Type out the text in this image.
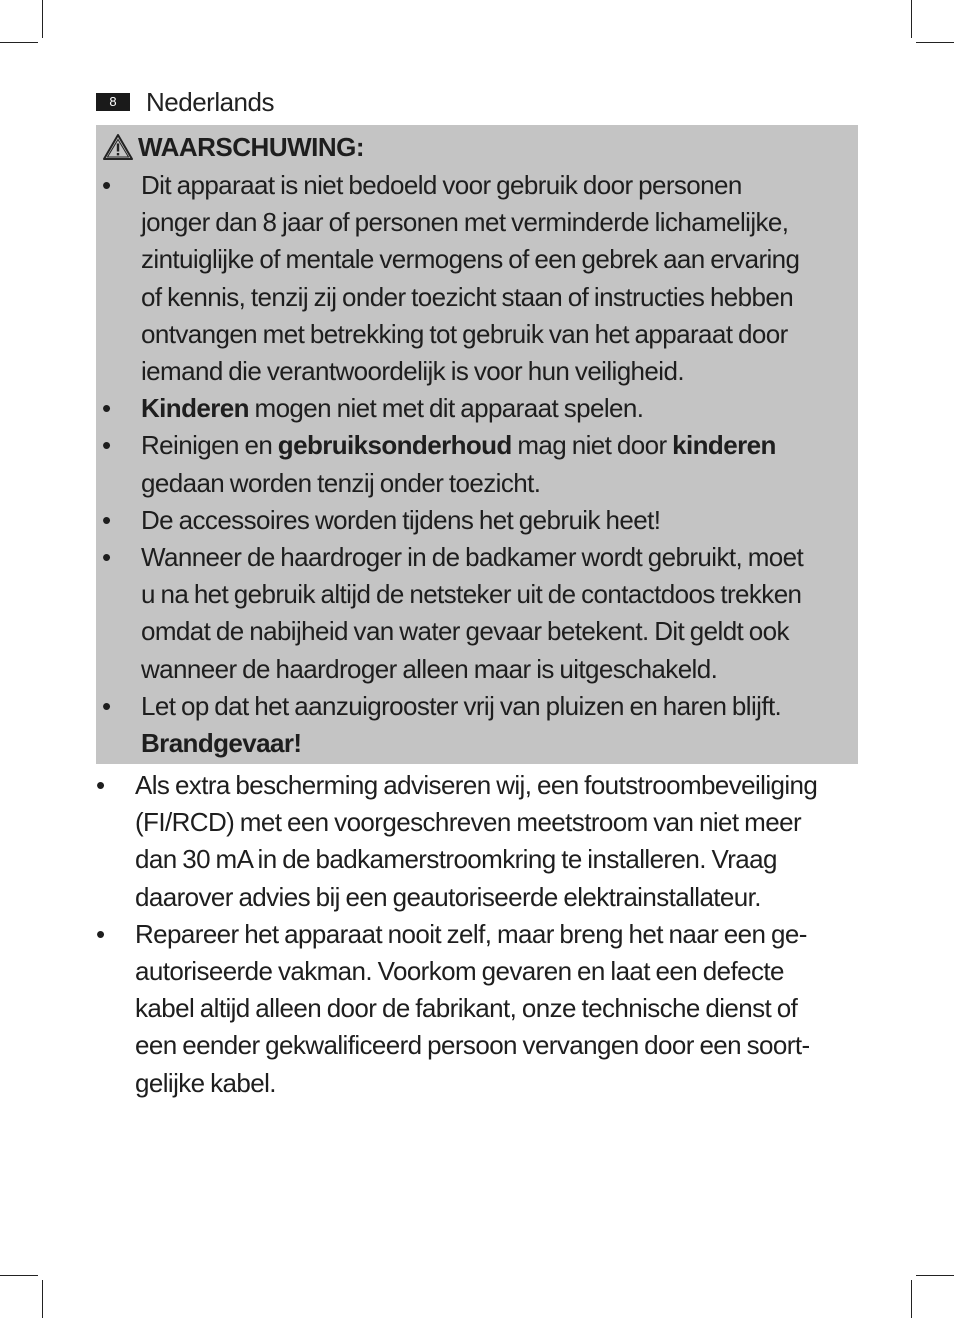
8	Nederlands
WAARSCHUWING:
• Dit apparaat is niet bedoeld voor gebruik door personen
jonger dan 8 jaar of personen met verminderde lichamelijke,
zintuiglijke of mentale vermogens of een gebrek aan ervaring
of kennis, tenzij zij onder toezicht staan of instructies hebben
ontvangen met betrekking tot gebruik van het apparaat door
iemand die verantwoordelijk is voor hun veiligheid.
• Kinderen mogen niet met dit apparaat spelen.
• Reinigen en gebruiksonderhoud mag niet door kinderen
gedaan worden tenzij onder toezicht.
• De accessoires worden tijdens het gebruik heet!
• Wanneer de haardroger in de badkamer wordt gebruikt, moet
u na het gebruik altijd de netsteker uit de contactdoos trekken
omdat de nabijheid van water gevaar betekent. Dit geldt ook
wanneer de haardroger alleen maar is uitgeschakeld.
• Let op dat het aanzuigrooster vrij van pluizen en haren blijft.
Brandgevaar!
• Als extra bescherming adviseren wij, een foutstroombeveiliging
(FI/RCD) met een voorgeschreven meetstroom van niet meer
dan 30 mA in de badkamerstroomkring te installeren. Vraag
daarover advies bij een geautoriseerde elektrainstallateur.
• Repareer het apparaat nooit zelf, maar breng het naar een ge-
autoriseerde vakman. Voorkom gevaren en laat een defecte
kabel altijd alleen door de fabrikant, onze technische dienst of
een eender gekwalificeerd persoon vervangen door een soort-
gelijke kabel.
